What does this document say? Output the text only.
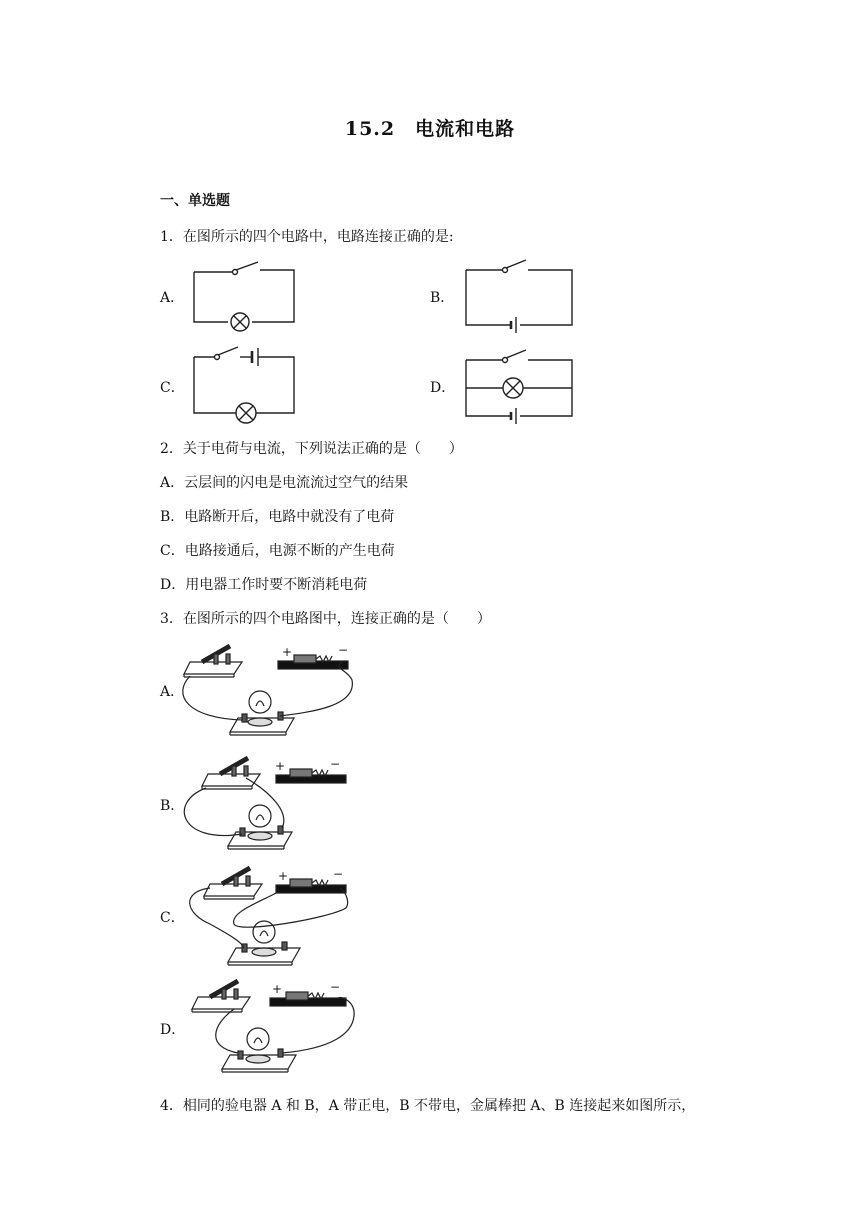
15.2　电流和电路
一、单选题
1．在图所示的四个电路中，电路连接正确的是:
A．	B．
C．	D．
2．关于电荷与电流，下列说法正确的是（　　）
A．云层间的闪电是电流流过空气的结果
B．电路断开后，电路中就没有了电荷
C．电路接通后，电源不断的产生电荷
D．用电器工作时要不断消耗电荷
3．在图所示的四个电路图中，连接正确的是（　　）
A．
+	−
B．
+	−
C．
+	−
D．
+	−
4．相同的验电器 A 和 B，A 带正电，B 不带电，金属棒把 A、B 连接起来如图所示，
